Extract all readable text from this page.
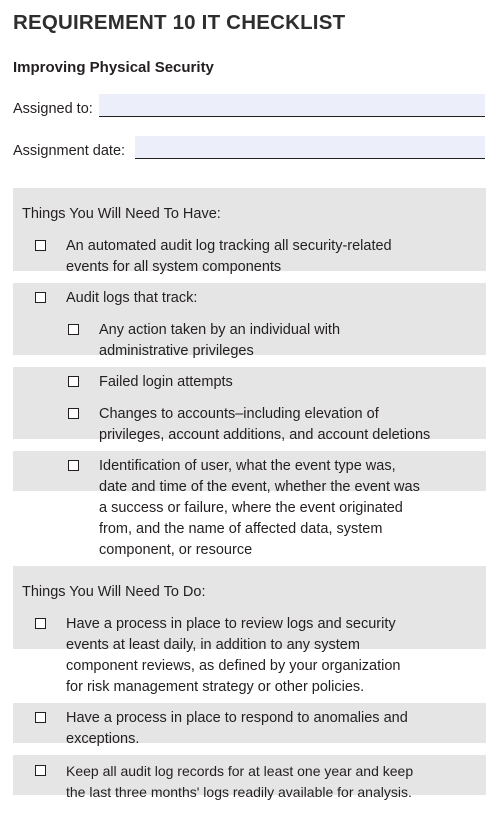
REQUIREMENT 10 IT CHECKLIST
Improving Physical Security
Assigned to:
Assignment date:
Things You Will Need To Have:
An automated audit log tracking all security-related
events for all system components
Audit logs that track:
Any action taken by an individual with
administrative privileges
Failed login attempts
Changes to accounts–including elevation of
privileges, account additions, and account deletions
Identification of user, what the event type was,
date and time of the event, whether the event was
a success or failure, where the event originated
from, and the name of affected data, system
component, or resource
Things You Will Need To Do:
Have a process in place to review logs and security
events at least daily, in addition to any system
component reviews, as defined by your organization
for risk management strategy or other policies.
Have a process in place to respond to anomalies and
exceptions.
Keep all audit log records for at least one year and keep
the last three months' logs readily available for analysis.
